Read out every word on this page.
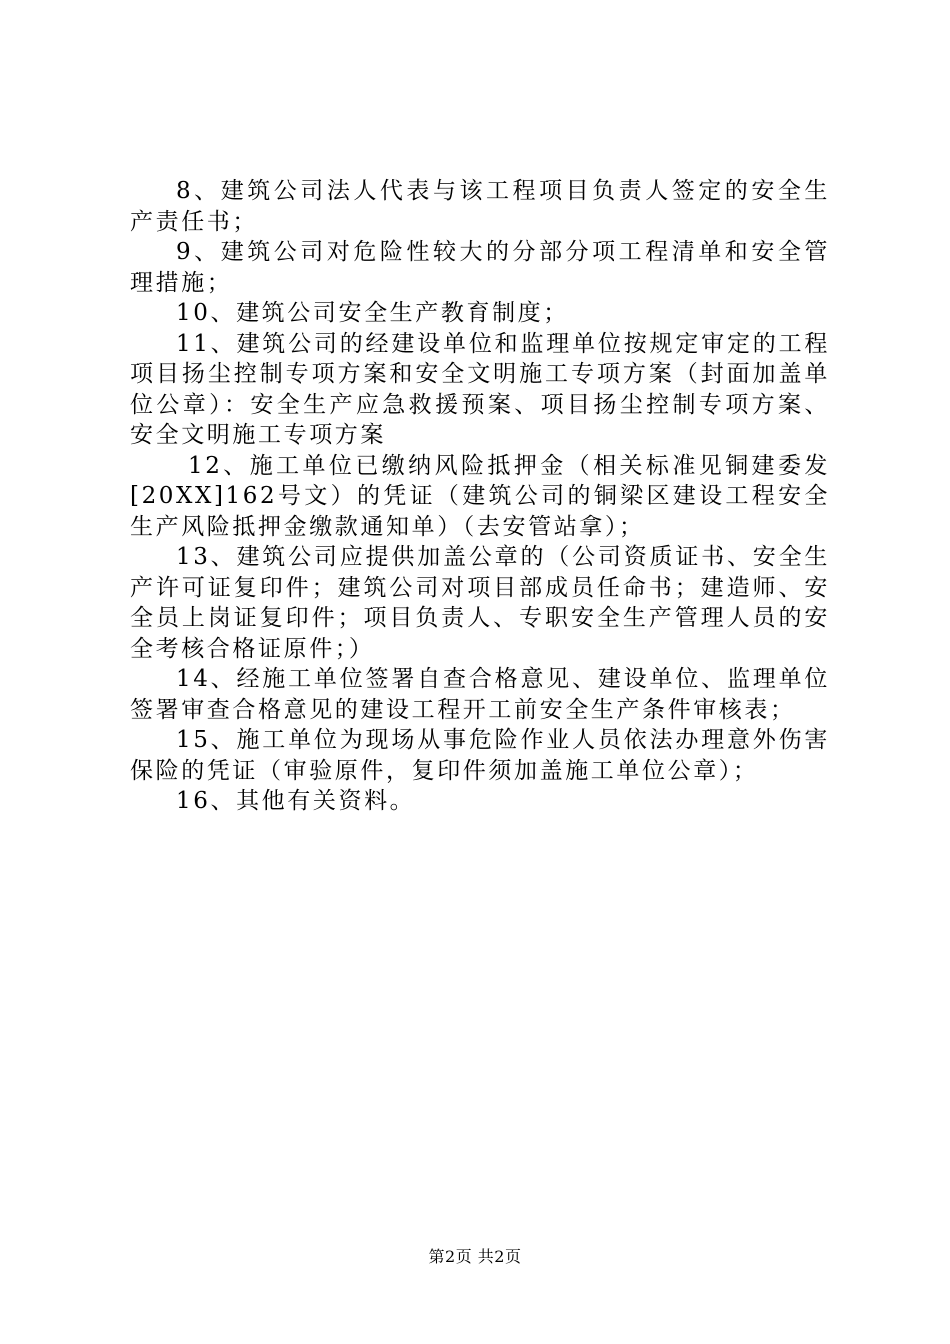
8、建筑公司法人代表与该工程项目负责人签定的安全生产责任书；

9、建筑公司对危险性较大的分部分项工程清单和安全管理措施；

10、建筑公司安全生产教育制度；

11、建筑公司的经建设单位和监理单位按规定审定的工程项目扬尘控制专项方案和安全文明施工专项方案（封面加盖单位公章）：安全生产应急救援预案、项目扬尘控制专项方案、安全文明施工专项方案

12、施工单位已缴纳风险抵押金（相关标准见铜建委发[20XX]162号文）的凭证（建筑公司的铜梁区建设工程安全生产风险抵押金缴款通知单）（去安管站拿）；

13、建筑公司应提供加盖公章的（公司资质证书、安全生产许可证复印件；建筑公司对项目部成员任命书；建造师、安全员上岗证复印件；项目负责人、专职安全生产管理人员的安全考核合格证原件；）

14、经施工单位签署自查合格意见、建设单位、监理单位签署审查合格意见的建设工程开工前安全生产条件审核表；

15、施工单位为现场从事危险作业人员依法办理意外伤害保险的凭证（审验原件，复印件须加盖施工单位公章）；

16、其他有关资料。

第2页 共2页
